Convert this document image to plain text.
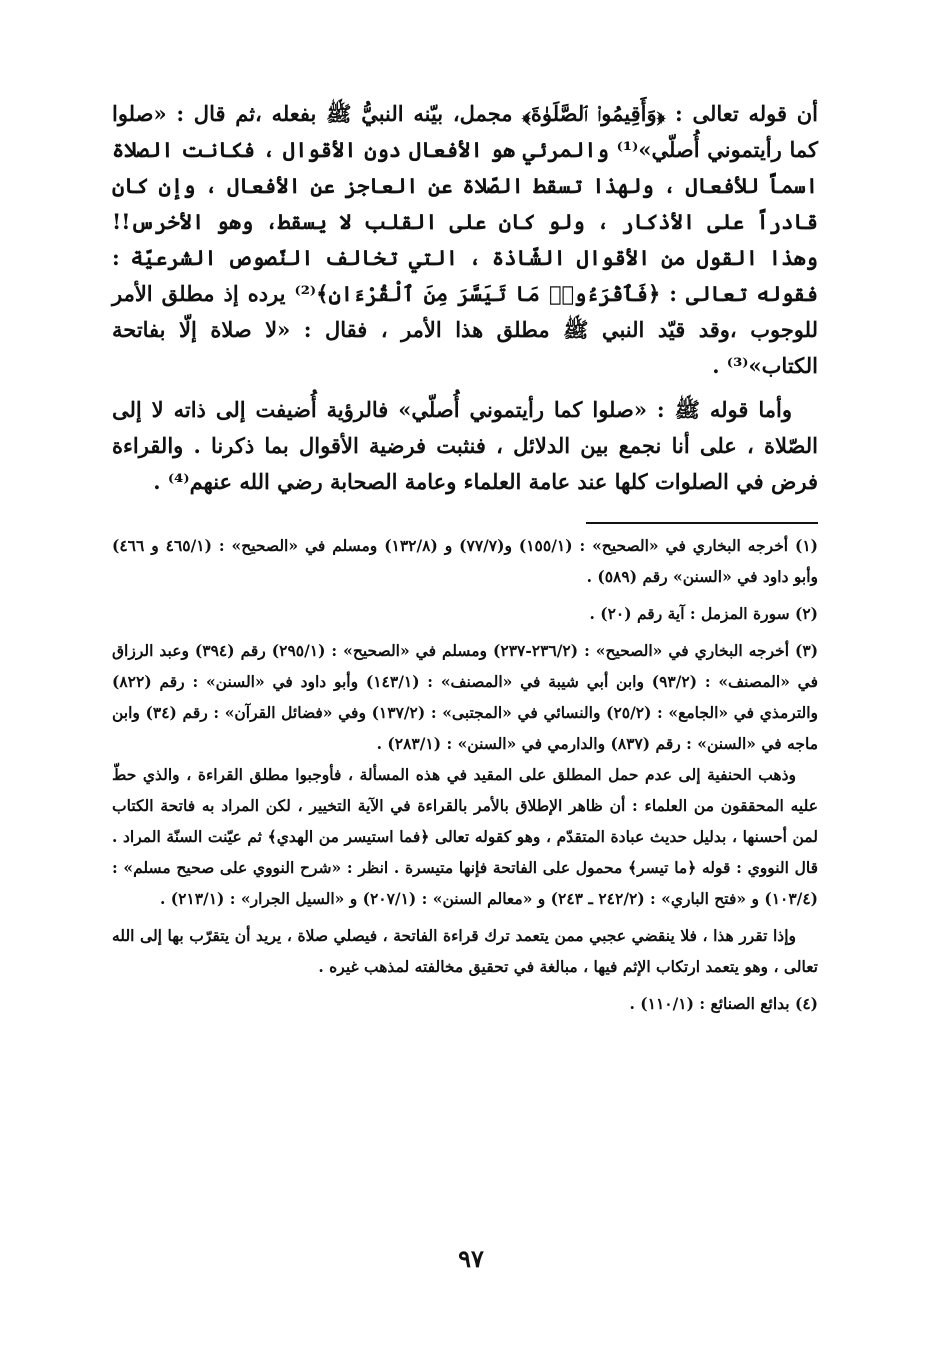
أن قوله تعالى : ﴿وَأَقِيمُوا۟ ٱلصَّلَوٰةَ﴾ مجمل، بيّنه النبيُّ ﷺ بفعله ،ثم قال : «صلوا كما رأيتموني أُصلّي»⁽¹⁾ والمرئي هو الأفعال دون الأقوال ، فكانت الصلاة اسماً للأفعال ، ولهذا تسقط الصّلاة عن العاجز عن الأفعال ، وإن كان قادراً على الأذكار ، ولو كان على القلب لا يسقط، وهو الأخرس!! وهذا القول من الأقوال الشّاذة ، التي تخالف النّصوص الشرعيّة : فقوله تعالى : ﴿فَٱقْرَءُوا۟ مَا تَيَسَّرَ مِنَ ٱلْقُرْءَانِ﴾⁽²⁾ يرده إذ مطلق الأمر للوجوب ،وقد قيّد النبي ﷺ مطلق هذا الأمر ، فقال : «لا صلاة إلّا بفاتحة الكتاب»⁽³⁾ .

وأما قوله ﷺ : «صلوا كما رأيتموني أُصلّي» فالرؤية أُضيفت إلى ذاته لا إلى الصّلاة ، على أنا نجمع بين الدلائل ، فنثبت فرضية الأقوال بما ذكرنا . والقراءة فرض في الصلوات كلها عند عامة العلماء وعامة الصحابة رضي الله عنهم⁽⁴⁾ .

(١) أخرجه البخاري في «الصحيح» : (١٥٥/١) و(٧٧/٧) و (١٣٢/٨) ومسلم في «الصحيح» : (٤٦٥/١ و ٤٦٦) وأبو داود في «السنن» رقم (٥٨٩) .

(٢) سورة المزمل : آية رقم (٢٠) .

(٣) أخرجه البخاري في «الصحيح» : (٢٣٦/٢-٢٣٧) ومسلم في «الصحيح» : (٢٩٥/١) رقم (٣٩٤) وعبد الرزاق في «المصنف» : (٩٣/٢) وابن أبي شيبة في «المصنف» : (١٤٣/١) وأبو داود في «السنن» : رقم (٨٢٢) والترمذي في «الجامع» : (٢٥/٢) والنسائي في «المجتبى» : (١٣٧/٢) وفي «فضائل القرآن» : رقم (٣٤) وابن ماجه في «السنن» : رقم (٨٣٧) والدارمي في «السنن» : (٢٨٣/١) .

وذهب الحنفية إلى عدم حمل المطلق على المقيد في هذه المسألة ، فأوجبوا مطلق القراءة ، والذي حطّ عليه المحققون من العلماء : أن ظاهر الإطلاق بالأمر بالقراءة في الآية التخيير ، لكن المراد به فاتحة الكتاب لمن أحسنها ، بدليل حديث عبادة المتقدّم ، وهو كقوله تعالى ﴿فما استيسر من الهدي﴾ ثم عيّنت السنّة المراد . قال النووي : قوله ﴿ما تيسر﴾ محمول على الفاتحة فإنها متيسرة . انظر : «شرح النووي على صحيح مسلم» : (١٠٣/٤) و «فتح الباري» : (٢٤٢/٢ ـ ٢٤٣) و «معالم السنن» : (٢٠٧/١) و «السيل الجرار» : (٢١٣/١) .

وإذا تقرر هذا ، فلا ينقضي عجبي ممن يتعمد ترك قراءة الفاتحة ، فيصلي صلاة ، يريد أن يتقرّب بها إلى الله تعالى ، وهو يتعمد ارتكاب الإثم فيها ، مبالغة في تحقيق مخالفته لمذهب غيره .

(٤) بدائع الصنائع : (١١٠/١) .

٩٧
